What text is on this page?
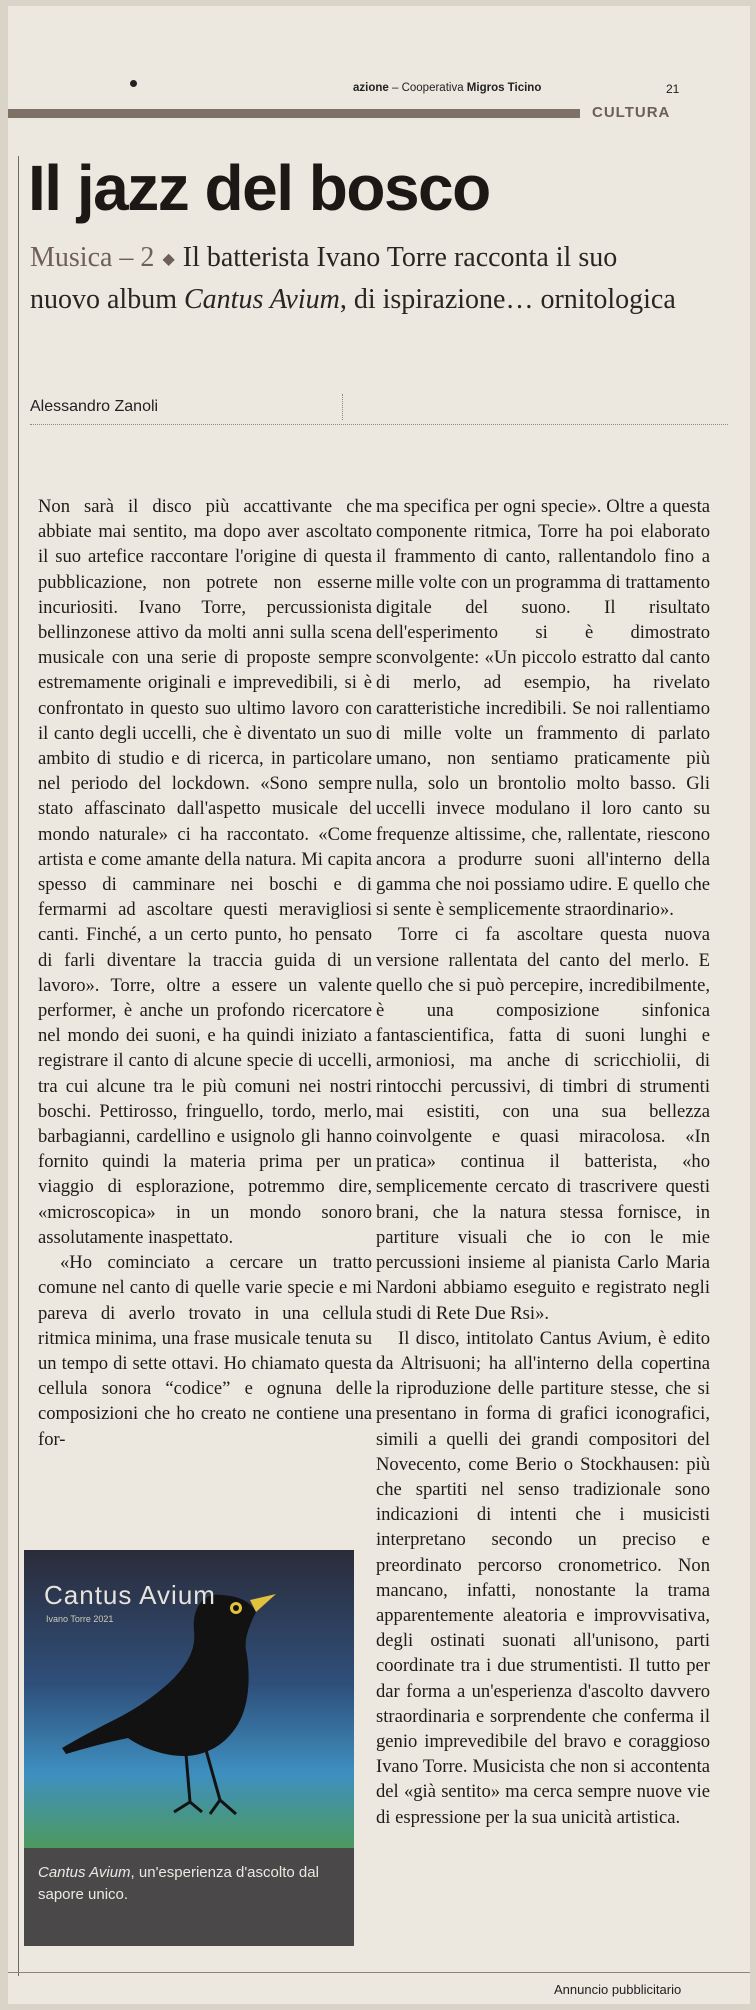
azione – Cooperativa Migros Ticino	21
CULTURA
Il jazz del bosco
Musica – 2 ◆ Il batterista Ivano Torre racconta il suo nuovo album Cantus Avium, di ispirazione… ornitologica
Alessandro Zanoli

Non sarà il disco più accattivante che abbiate mai sentito, ma dopo aver ascoltato il suo artefice raccontare l'origine di questa pubblicazione, non potrete non esserne incuriositi. Ivano Torre, percussionista bellinzonese attivo da molti anni sulla scena musicale con una serie di proposte sempre estremamente originali e imprevedibili, si è confrontato in questo suo ultimo lavoro con il canto degli uccelli, che è diventato un suo ambito di studio e di ricerca, in particolare nel periodo del lockdown. «Sono sempre stato affascinato dall'aspetto musicale del mondo naturale» ci ha raccontato. «Come artista e come amante della natura. Mi capita spesso di camminare nei boschi e di fermarmi ad ascoltare questi meravigliosi canti. Finché, a un certo punto, ho pensato di farli diventare la traccia guida di un lavoro». Torre, oltre a essere un valente performer, è anche un profondo ricercatore nel mondo dei suoni, e ha quindi iniziato a registrare il canto di alcune specie di uccelli, tra cui alcune tra le più comuni nei nostri boschi. Pettirosso, fringuello, tordo, merlo, barbagianni, cardellino e usignolo gli hanno fornito quindi la materia prima per un viaggio di esplorazione, potremmo dire, «microscopica» in un mondo sonoro assolutamente inaspettato.

«Ho cominciato a cercare un tratto comune nel canto di quelle varie specie e mi pareva di averlo trovato in una cellula ritmica minima, una frase musicale tenuta su un tempo di sette ottavi. Ho chiamato questa cellula sonora “codice” e ognuna delle composizioni che ho creato ne contiene una for-

ma specifica per ogni specie». Oltre a questa componente ritmica, Torre ha poi elaborato il frammento di canto, rallentandolo fino a mille volte con un programma di trattamento digitale del suono. Il risultato dell'esperimento si è dimostrato sconvolgente: «Un piccolo estratto dal canto di merlo, ad esempio, ha rivelato caratteristiche incredibili. Se noi rallentiamo di mille volte un frammento di parlato umano, non sentiamo praticamente più nulla, solo un brontolio molto basso. Gli uccelli invece modulano il loro canto su frequenze altissime, che, rallentate, riescono ancora a produrre suoni all'interno della gamma che noi possiamo udire. E quello che si sente è semplicemente straordinario».

Torre ci fa ascoltare questa nuova versione rallentata del canto del merlo. E quello che si può percepire, incredibilmente, è una composizione sinfonica fantascientifica, fatta di suoni lunghi e armoniosi, ma anche di scricchiolii, di rintocchi percussivi, di timbri di strumenti mai esistiti, con una sua bellezza coinvolgente e quasi miracolosa. «In pratica» continua il batterista, «ho semplicemente cercato di trascrivere questi brani, che la natura stessa fornisce, in partiture visuali che io con le mie percussioni insieme al pianista Carlo Maria Nardoni abbiamo eseguito e registrato negli studi di Rete Due Rsi».

Il disco, intitolato Cantus Avium, è edito da Altrisuoni; ha all'interno della copertina la riproduzione delle partiture stesse, che si presentano in forma di grafici iconografici, simili a quelli dei grandi compositori del Novecento, come Berio o Stockhausen: più che spartiti nel senso tradizionale sono indicazioni di intenti che i musicisti interpretano secondo un preciso e preordinato percorso cronometrico. Non mancano, infatti, nonostante la trama apparentemente aleatoria e improvvisativa, degli ostinati suonati all'unisono, parti coordinate tra i due strumentisti. Il tutto per dar forma a un'esperienza d'ascolto davvero straordinaria e sorprendente che conferma il genio imprevedibile del bravo e coraggioso Ivano Torre. Musicista che non si accontenta del «già sentito» ma cerca sempre nuove vie di espressione per la sua unicità artistica.

Cantus Avium
Ivano Torre 2021
Cantus Avium, un'esperienza d'ascolto dal sapore unico.
Annuncio pubblicitario
